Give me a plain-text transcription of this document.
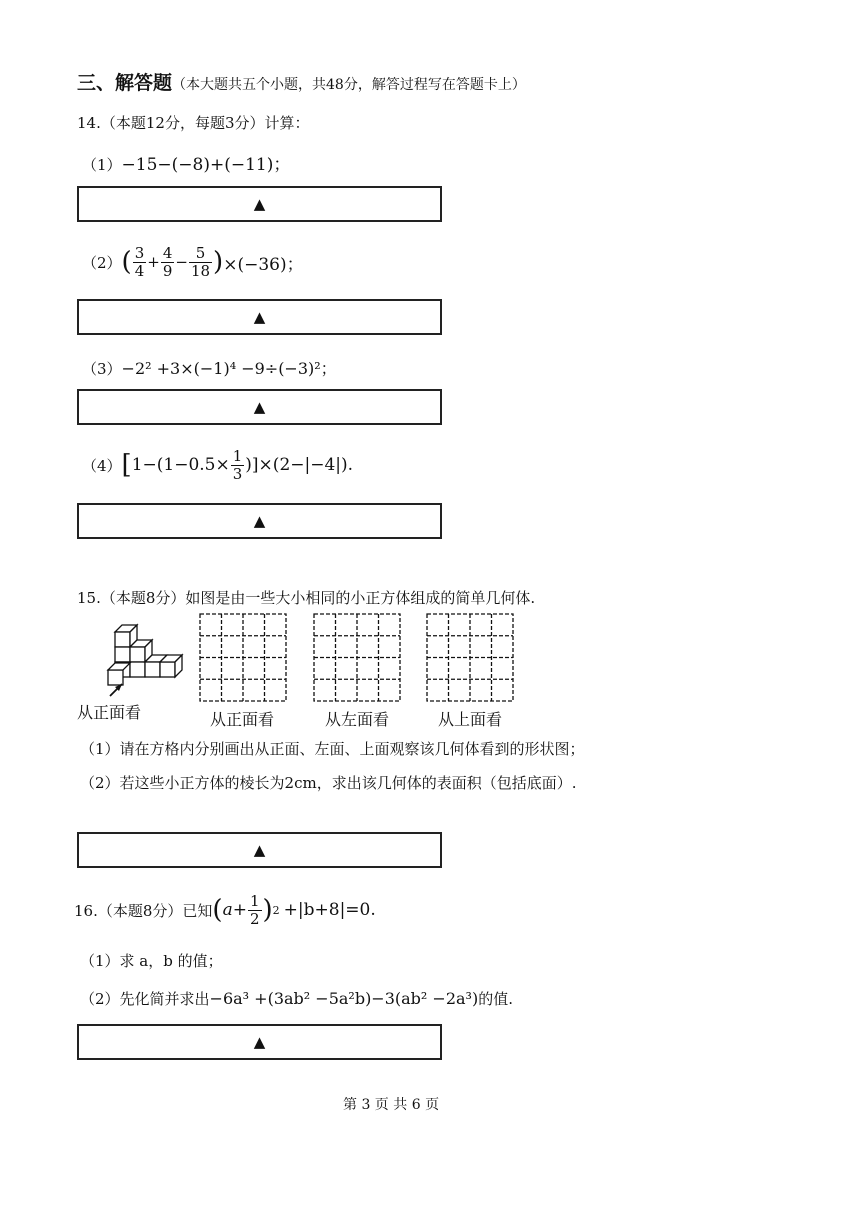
三、解答题（本大题共五个小题，共48分，解答过程写在答题卡上）
14.（本题12分，每题3分）计算：
（1）−15−(−8)+(−11)；
▲
（2） ( $\frac{3}{4} + \frac{4}{9} - \frac{5}{18}$ ) ×(−36)；
▲
（3）−2² +3×(−1)⁴ −9÷(−3)²；
▲
（4） [ $1-(1-0.5\times \frac{1}{3} )]\times(2-|-4|)$.
▲
15.（本题8分）如图是由一些大小相同的小正方体组成的简单几何体.
从正面看	从正面看	从左面看	从上面看
（1）请在方格内分别画出从正面、左面、上面观察该几何体看到的形状图；
（2）若这些小正方体的棱长为2cm，求出该几何体的表面积（包括底面）.
▲
16.（本题8分）已知 ( $a+ \frac{1}{2}$ ) 2 +|b+8|=0.
（1）求 a，b 的值；
（2）先化简并求出−6a³ +(3ab² −5a²b)−3(ab² −2a³)的值.
▲
第 3 页 共 6 页
